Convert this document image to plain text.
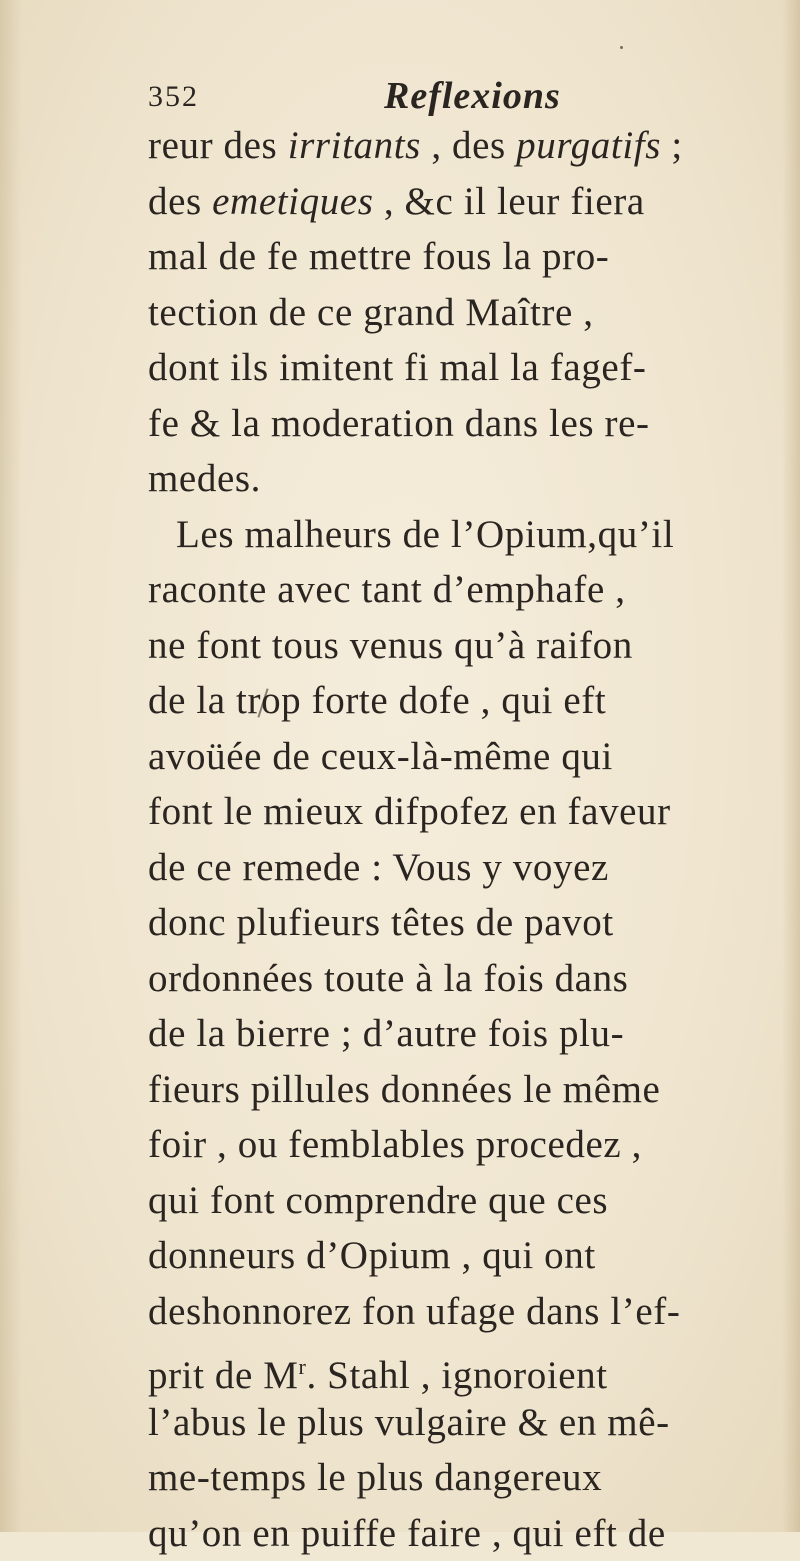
352	Reflexions
reur des irritants , des purgatifs ;
des emetiques , &c il leur fiera
mal de fe mettre fous la pro-
tection de ce grand Maître ,
dont ils imitent fi mal la fagef-
fe & la moderation dans les re-
medes.
Les malheurs de l’Opium,qu’il
raconte avec tant d’emphafe ,
ne font tous venus qu’à raifon
de la trop forte dofe , qui eft
avoüée de ceux-là-même qui
font le mieux difpofez en faveur
de ce remede : Vous y voyez
donc plufieurs têtes de pavot
ordonnées toute à la fois dans
de la bierre ; d’autre fois plu-
fieurs pillules données le même
foir , ou femblables procedez ,
qui font comprendre que ces
donneurs d’Opium , qui ont
deshonnorez fon ufage dans l’ef-
prit de $M^r$. Stahl , ignoroient
l’abus le plus vulgaire & en mê-
me-temps le plus dangereux
qu’on en puiffe faire , qui eft de
